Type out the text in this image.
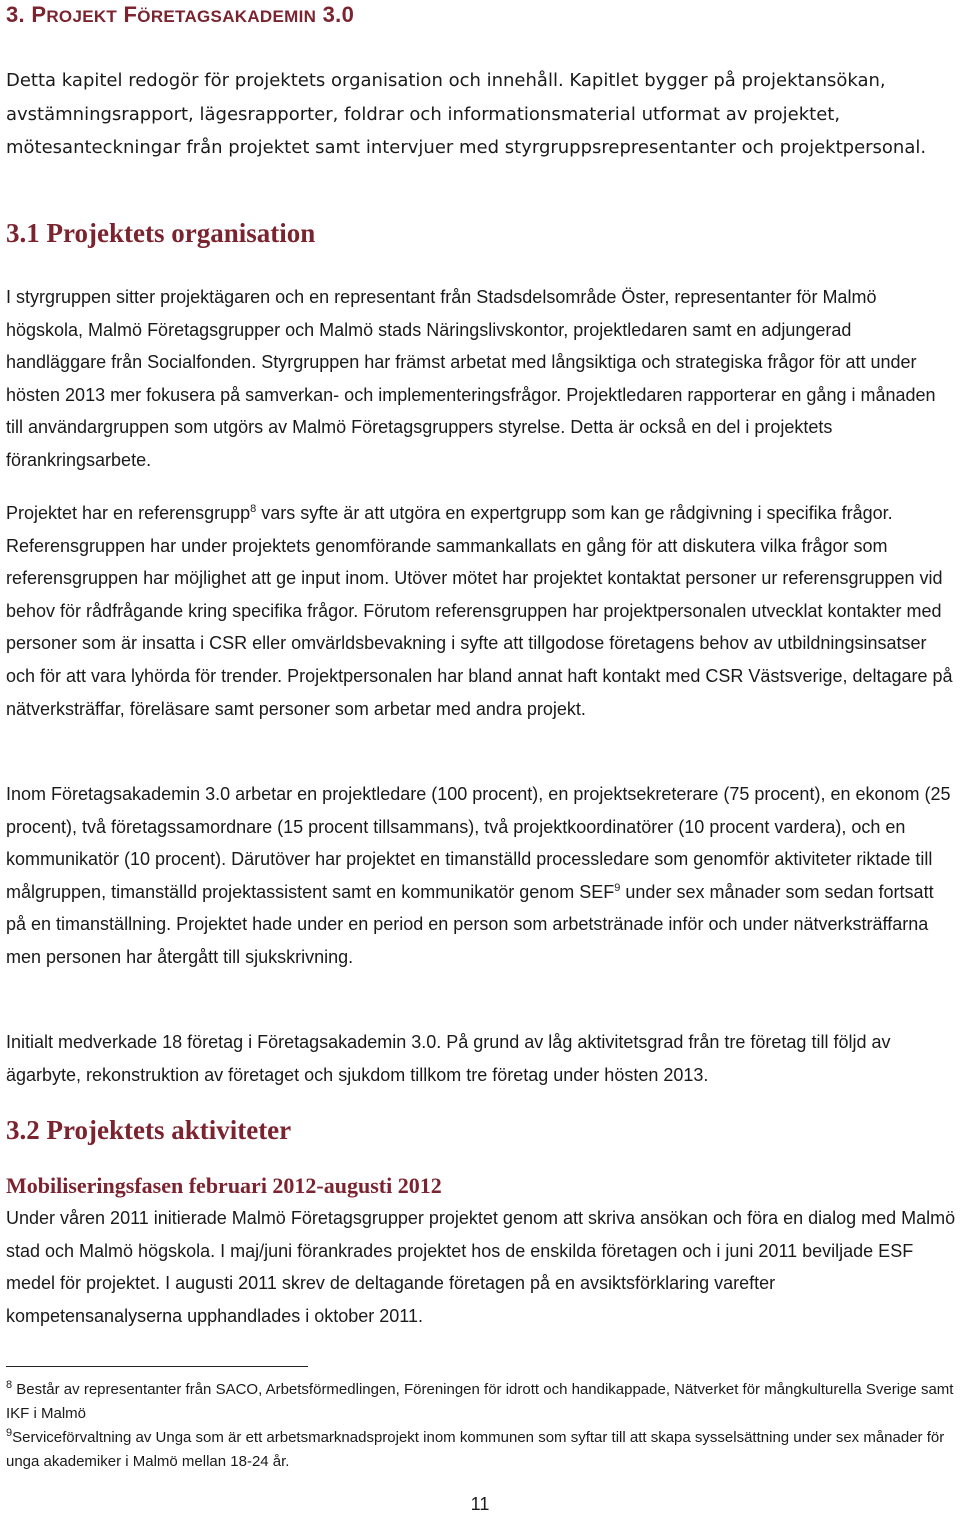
3. PROJEKT FÖRETAGSAKADEMIN 3.0

Detta kapitel redogör för projektets organisation och innehåll. Kapitlet bygger på projektansökan, avstämningsrapport, lägesrapporter, foldrar och informationsmaterial utformat av projektet, mötesanteckningar från projektet samt intervjuer med styrgruppsrepresentanter och projektpersonal.

3.1 Projektets organisation

I styrgruppen sitter projektägaren och en representant från Stadsdelsområde Öster, representanter för Malmö högskola, Malmö Företagsgrupper och Malmö stads Näringslivskontor, projektledaren samt en adjungerad handläggare från Socialfonden. Styrgruppen har främst arbetat med långsiktiga och strategiska frågor för att under hösten 2013 mer fokusera på samverkan- och implementeringsfrågor. Projektledaren rapporterar en gång i månaden till användargruppen som utgörs av Malmö Företagsgruppers styrelse. Detta är också en del i projektets förankringsarbete.

Projektet har en referensgrupp$^8$ vars syfte är att utgöra en expertgrupp som kan ge rådgivning i specifika frågor. Referensgruppen har under projektets genomförande sammankallats en gång för att diskutera vilka frågor som referensgruppen har möjlighet att ge input inom. Utöver mötet har projektet kontaktat personer ur referensgruppen vid behov för rådfrågande kring specifika frågor. Förutom referensgruppen har projektpersonalen utvecklat kontakter med personer som är insatta i CSR eller omvärldsbevakning i syfte att tillgodose företagens behov av utbildningsinsatser och för att vara lyhörda för trender. Projektpersonalen har bland annat haft kontakt med CSR Västsverige, deltagare på nätverksträffar, föreläsare samt personer som arbetar med andra projekt.

Inom Företagsakademin 3.0 arbetar en projektledare (100 procent), en projektsekreterare (75 procent), en ekonom (25 procent), två företagssamordnare (15 procent tillsammans), två projektkoordinatörer (10 procent vardera), och en kommunikatör (10 procent). Därutöver har projektet en timanställd processledare som genomför aktiviteter riktade till målgruppen, timanställd projektassistent samt en kommunikatör genom SEF$^9$ under sex månader som sedan fortsatt på en timanställning. Projektet hade under en period en person som arbetstränade inför och under nätverksträffarna men personen har återgått till sjukskrivning.

Initialt medverkade 18 företag i Företagsakademin 3.0. På grund av låg aktivitetsgrad från tre företag till följd av ägarbyte, rekonstruktion av företaget och sjukdom tillkom tre företag under hösten 2013.

3.2 Projektets aktiviteter
Mobiliseringsfasen februari 2012-augusti 2012

Under våren 2011 initierade Malmö Företagsgrupper projektet genom att skriva ansökan och föra en dialog med Malmö stad och Malmö högskola. I maj/juni förankrades projektet hos de enskilda företagen och i juni 2011 beviljade ESF medel för projektet. I augusti 2011 skrev de deltagande företagen på en avsiktsförklaring varefter kompetensanalyserna upphandlades i oktober 2011.

$^8$ Består av representanter från SACO, Arbetsförmedlingen, Föreningen för idrott och handikappade, Nätverket för mångkulturella Sverige samt IKF i Malmö

$^9$Serviceförvaltning av Unga som är ett arbetsmarknadsprojekt inom kommunen som syftar till att skapa sysselsättning under sex månader för unga akademiker i Malmö mellan 18-24 år.

11
